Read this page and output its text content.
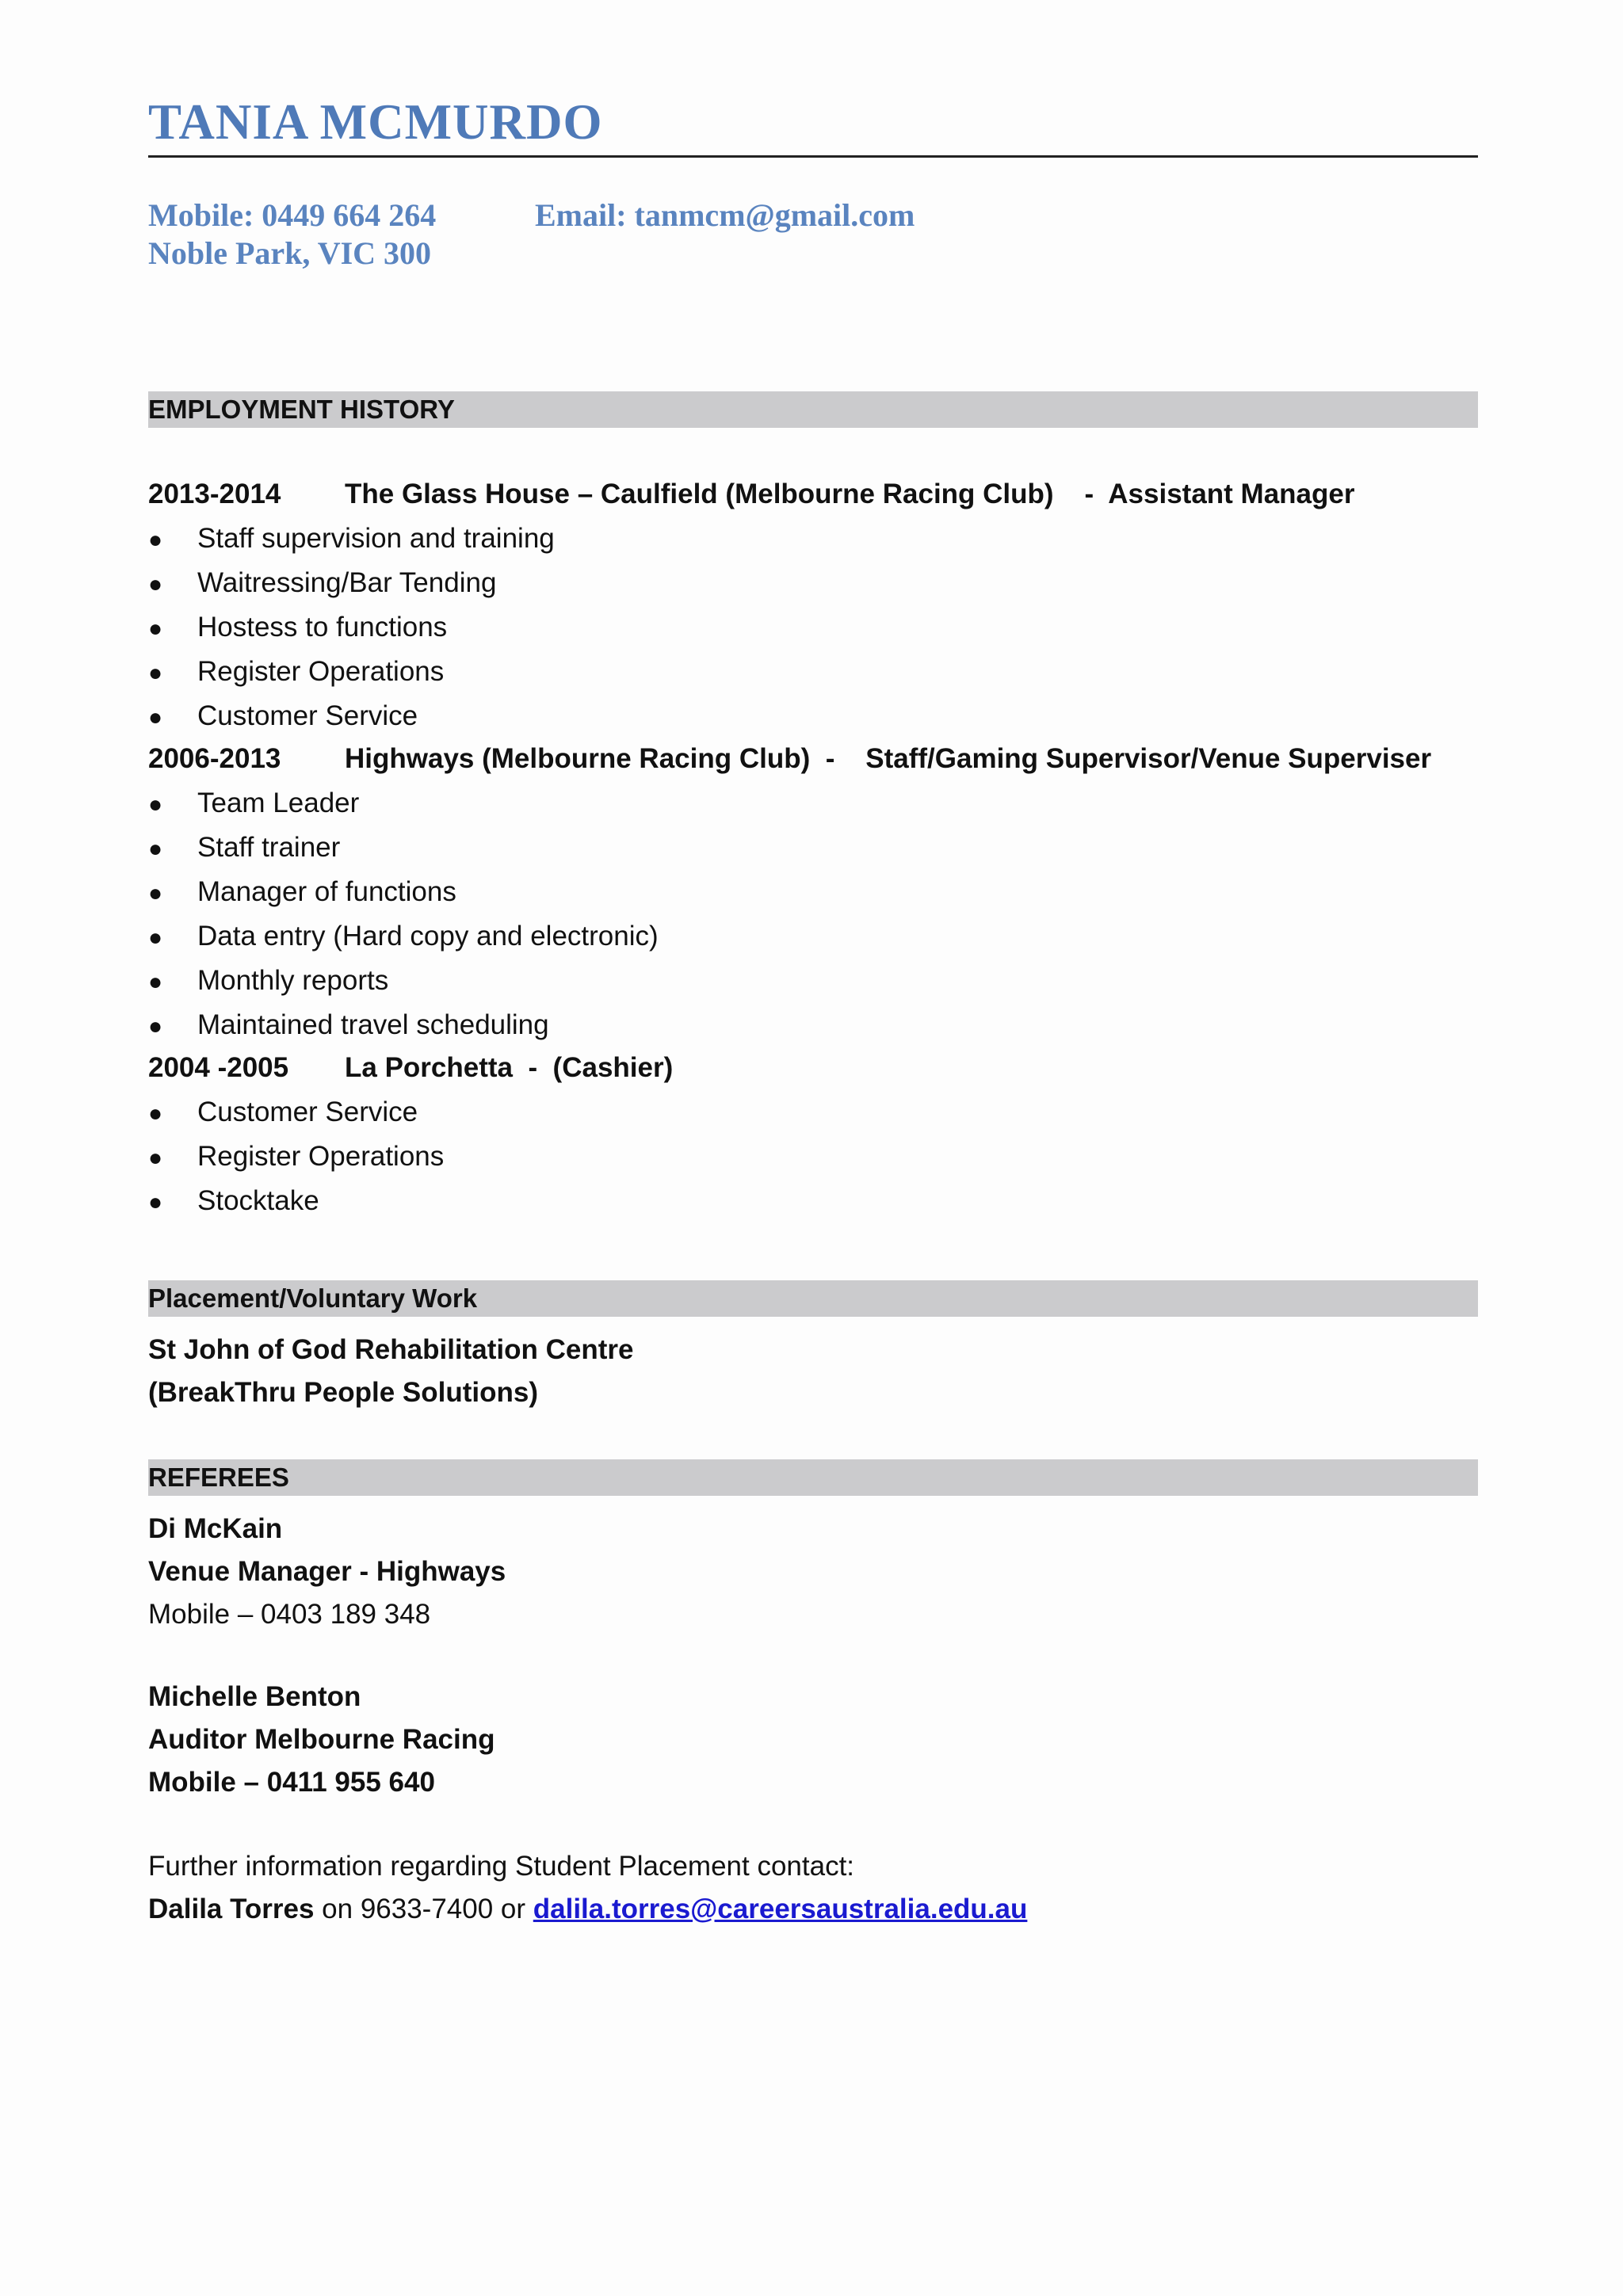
TANIA MCMURDO
Mobile: 0449 664 264	Email: tanmcm@gmail.com
Noble Park, VIC 300
EMPLOYMENT HISTORY
2013-2014 The Glass House – Caulfield (Melbourne Racing Club)    -  Assistant Manager
● Staff supervision and training
● Waitressing/Bar Tending
● Hostess to functions
● Register Operations
● Customer Service
2006-2013 Highways (Melbourne Racing Club)  -    Staff/Gaming Supervisor/Venue Superviser
● Team Leader
● Staff trainer
● Manager of functions
● Data entry (Hard copy and electronic)
● Monthly reports
● Maintained travel scheduling
2004 -2005 La Porchetta  -  (Cashier)
● Customer Service
● Register Operations
● Stocktake
Placement/Voluntary Work
St John of God Rehabilitation Centre
(BreakThru People Solutions)
REFEREES
Di McKain
Venue Manager - Highways
Mobile – 0403 189 348
Michelle Benton
Auditor Melbourne Racing
Mobile – 0411 955 640
Further information regarding Student Placement contact:
Dalila Torres on 9633-7400 or dalila.torres@careersaustralia.edu.au
